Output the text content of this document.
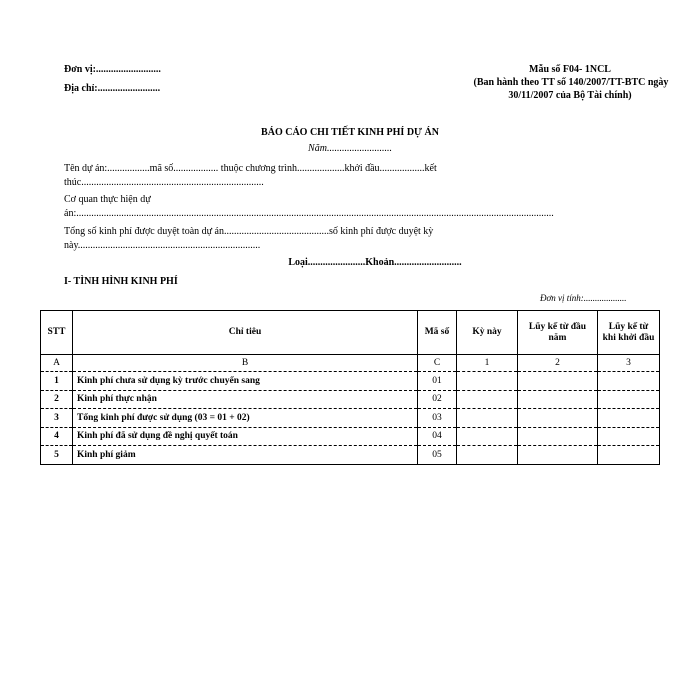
Đơn vị:..........................
Địa chỉ:.........................
Mẫu số F04- 1NCL
(Ban hành theo TT số 140/2007/TT-BTC ngày
30/11/2007 của Bộ Tài chính)
BÁO CÁO CHI TIẾT KINH PHÍ DỰ ÁN
Năm..........................
Tên dự án:.................mã số.................. thuộc chương trình...................khởi đầu..................kết
thúc.........................................................................
Cơ quan thực hiện dự
án:...............................................................................................................................................................................................
Tổng số kinh phí được duyệt toàn dự án..........................................số kinh phí được duyệt kỳ
này.........................................................................
Loại.......................Khoản...........................
I- TÌNH HÌNH KINH PHÍ
Đơn vị tính:...................
STT	Chỉ tiêu	Mã số	Kỳ này	Lũy kế từ đầu năm	Lũy kế từ khi khởi đầu
A	B	C	1	2	3
1	Kinh phí chưa sử dụng kỳ trước chuyển sang	01			
2	Kinh phí thực nhận	02			
3	Tổng kinh phí được sử dụng (03 = 01 + 02)	03			
4	Kinh phí đã sử dụng đề nghị quyết toán	04			
5	Kinh phí giảm	05			
